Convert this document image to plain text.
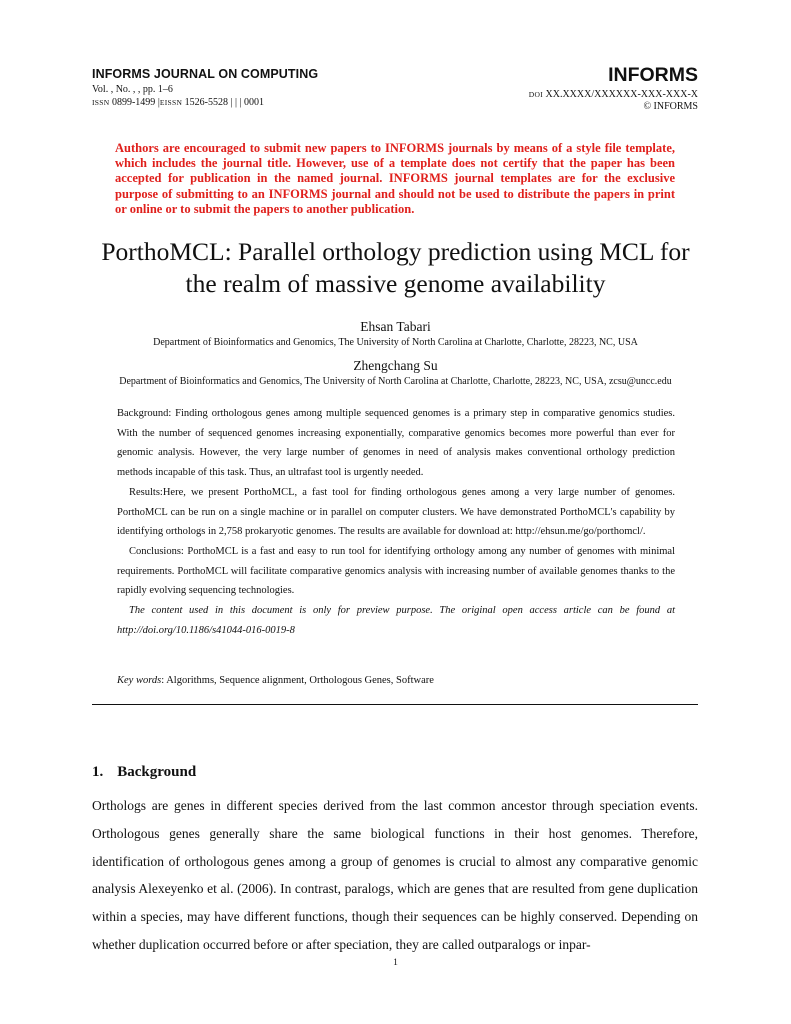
INFORMS JOURNAL ON COMPUTING
Vol. , No. , , pp. 1–6
ISSN 0899-1499 |EISSN 1526-5528 | | | 0001
INFORMS
DOI XX.XXXX/XXXXXX-XXX-XXX-X
© INFORMS
Authors are encouraged to submit new papers to INFORMS journals by means of a style file template, which includes the journal title. However, use of a template does not certify that the paper has been accepted for publication in the named journal. INFORMS journal templates are for the exclusive purpose of submitting to an INFORMS journal and should not be used to distribute the papers in print or online or to submit the papers to another publication.
PorthoMCL: Parallel orthology prediction using MCL for
the realm of massive genome availability
Ehsan Tabari
Department of Bioinformatics and Genomics, The University of North Carolina at Charlotte, Charlotte, 28223, NC, USA
Zhengchang Su
Department of Bioinformatics and Genomics, The University of North Carolina at Charlotte, Charlotte, 28223, NC, USA, zcsu@uncc.edu

Background: Finding orthologous genes among multiple sequenced genomes is a primary step in comparative genomics studies. With the number of sequenced genomes increasing exponentially, comparative genomics becomes more powerful than ever for genomic analysis. However, the very large number of genomes in need of analysis makes conventional orthology prediction methods incapable of this task. Thus, an ultrafast tool is urgently needed.

Results:Here, we present PorthoMCL, a fast tool for finding orthologous genes among a very large number of genomes. PorthoMCL can be run on a single machine or in parallel on computer clusters. We have demonstrated PorthoMCL's capability by identifying orthologs in 2,758 prokaryotic genomes. The results are available for download at: http://ehsun.me/go/porthomcl/.

Conclusions: PorthoMCL is a fast and easy to run tool for identifying orthology among any number of genomes with minimal requirements. PorthoMCL will facilitate comparative genomics analysis with increasing number of available genomes thanks to the rapidly evolving sequencing technologies.

The content used in this document is only for preview purpose. The original open access article can be found at http://doi.org/10.1186/s41044-016-0019-8

Key words: Algorithms, Sequence alignment, Orthologous Genes, Software
1. Background

Orthologs are genes in different species derived from the last common ancestor through speciation events. Orthologous genes generally share the same biological functions in their host genomes. Therefore, identification of orthologous genes among a group of genomes is crucial to almost any comparative genomic analysis Alexeyenko et al. (2006). In contrast, paralogs, which are genes that are resulted from gene duplication within a species, may have different functions, though their sequences can be highly conserved. Depending on whether duplication occurred before or after speciation, they are called outparalogs or inpar-

1
